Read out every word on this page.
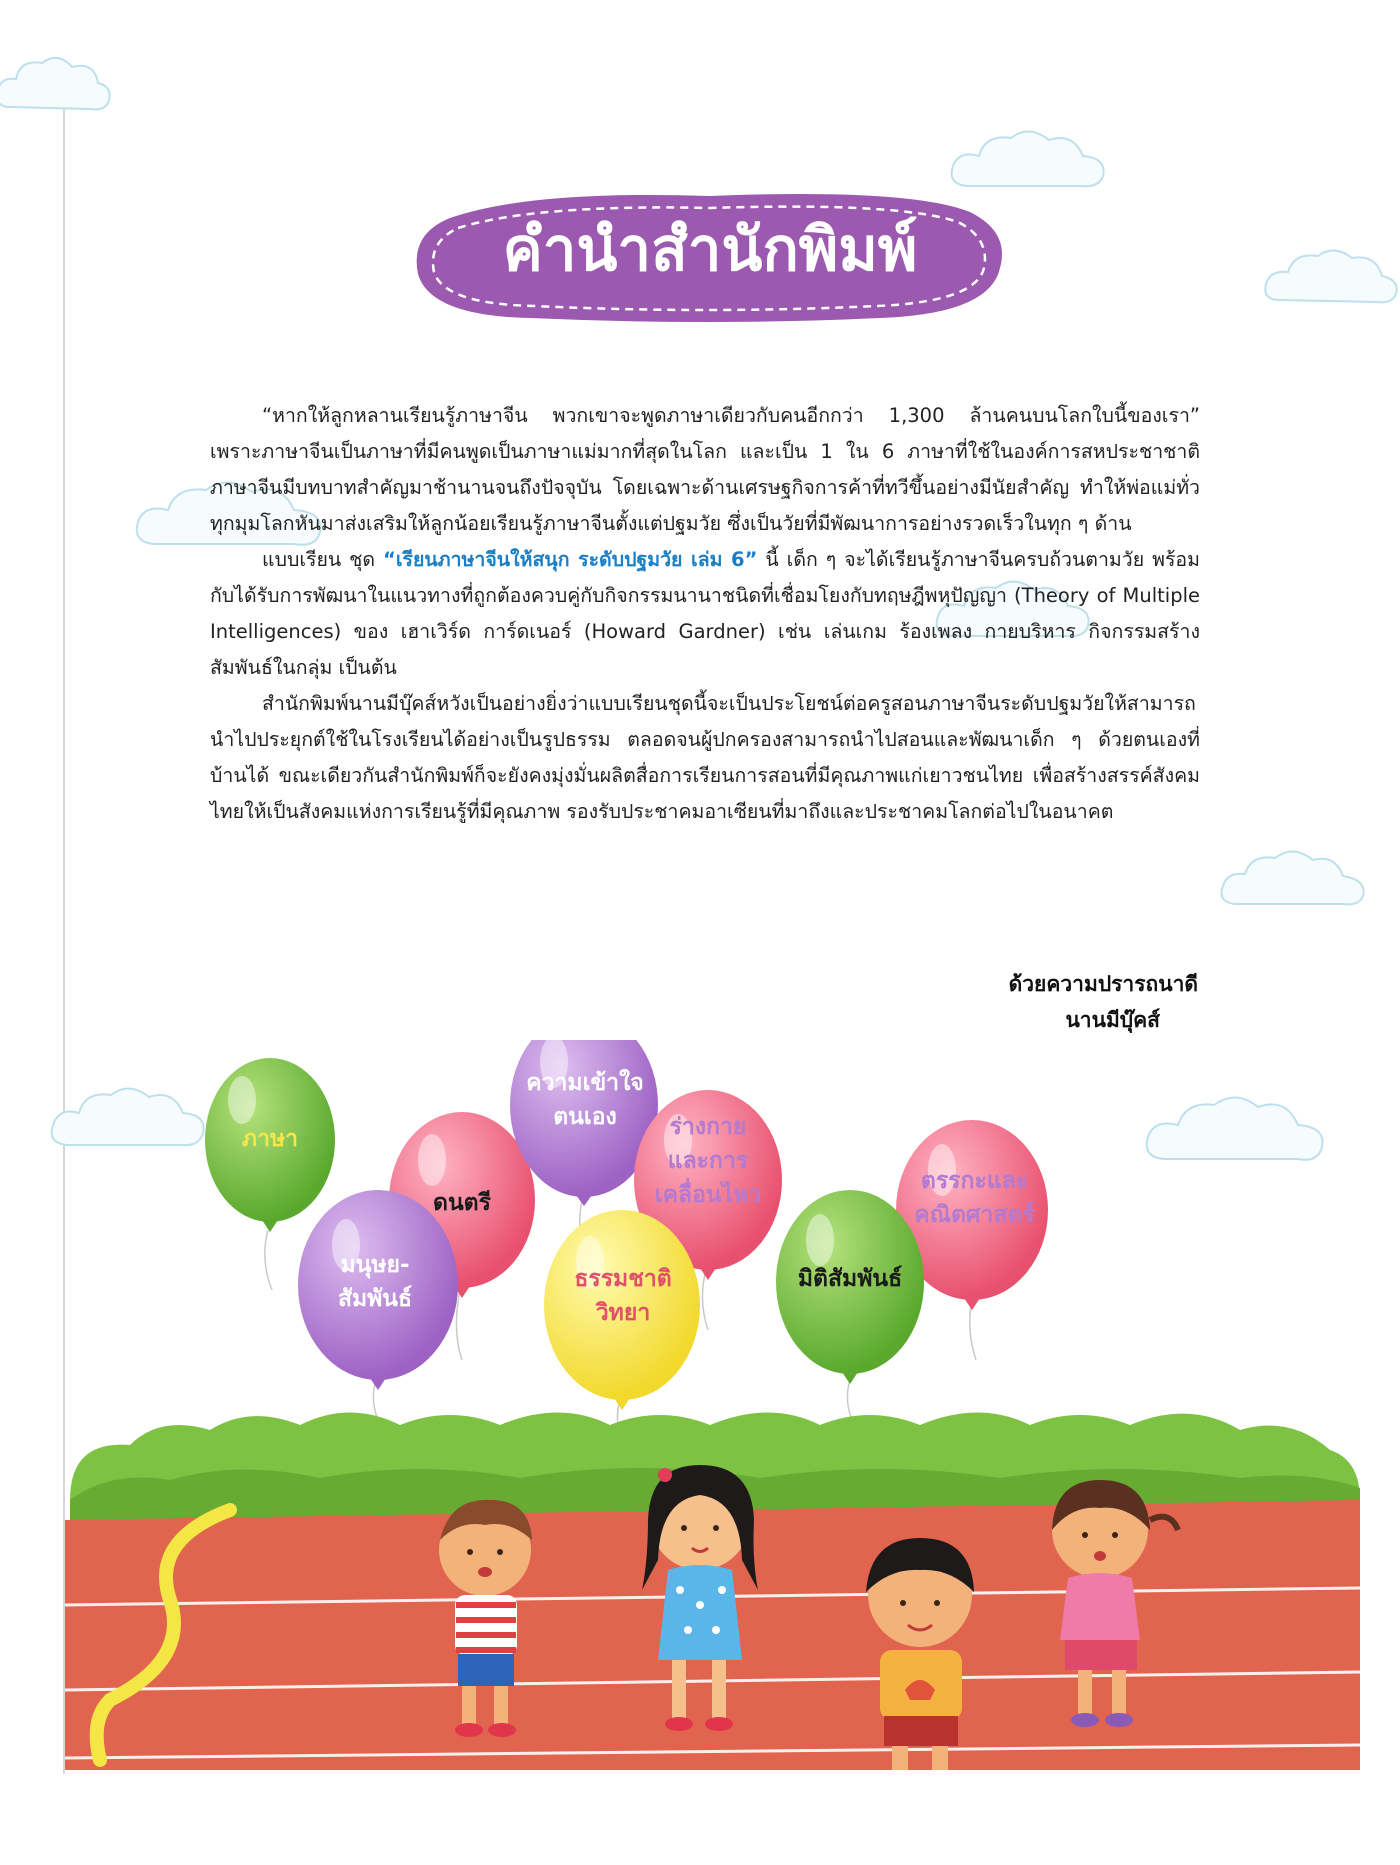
คำนำสำนักพิมพ์

“หากให้ลูกหลานเรียนรู้ภาษาจีน พวกเขาจะพูดภาษาเดียวกับคนอีกกว่า 1,300 ล้านคนบนโลกใบนี้ของเรา” เพราะภาษาจีนเป็นภาษาที่มีคนพูดเป็นภาษาแม่มากที่สุดในโลก และเป็น 1 ใน 6 ภาษาที่ใช้ในองค์การสหประชาชาติ ภาษาจีนมีบทบาทสำคัญมาช้านานจนถึงปัจจุบัน โดยเฉพาะด้านเศรษฐกิจการค้าที่ทวีขึ้นอย่างมีนัยสำคัญ ทำให้พ่อแม่ทั่วทุกมุมโลกหันมาส่งเสริมให้ลูกน้อยเรียนรู้ภาษาจีนตั้งแต่ปฐมวัย ซึ่งเป็นวัยที่มีพัฒนาการอย่างรวดเร็วในทุก ๆ ด้าน

แบบเรียน ชุด “เรียนภาษาจีนให้สนุก ระดับปฐมวัย เล่ม 6” นี้ เด็ก ๆ จะได้เรียนรู้ภาษาจีนครบถ้วนตามวัย พร้อมกับได้รับการพัฒนาในแนวทางที่ถูกต้องควบคู่กับกิจกรรมนานาชนิดที่เชื่อมโยงกับทฤษฎีพหุปัญญา (Theory of Multiple Intelligences) ของ เฮาเวิร์ด การ์ดเนอร์ (Howard Gardner) เช่น เล่นเกม ร้องเพลง กายบริหาร กิจกรรมสร้างสัมพันธ์ในกลุ่ม เป็นต้น

สำนักพิมพ์นานมีบุ๊คส์หวังเป็นอย่างยิ่งว่าแบบเรียนชุดนี้จะเป็นประโยชน์ต่อครูสอนภาษาจีนระดับปฐมวัยให้สามารถนำไปประยุกต์ใช้ในโรงเรียนได้อย่างเป็นรูปธรรม ตลอดจนผู้ปกครองสามารถนำไปสอนและพัฒนาเด็ก ๆ ด้วยตนเองที่บ้านได้ ขณะเดียวกันสำนักพิมพ์ก็จะยังคงมุ่งมั่นผลิตสื่อการเรียนการสอนที่มีคุณภาพแก่เยาวชนไทย เพื่อสร้างสรรค์สังคมไทยให้เป็นสังคมแห่งการเรียนรู้ที่มีคุณภาพ รองรับประชาคมอาเซียนที่มาถึงและประชาคมโลกต่อไปในอนาคต

ด้วยความปรารถนาดี
นานมีบุ๊คส์
ภาษา
ดนตรี
ความเข้าใจ
ตนเอง	ร่างกาย
และการ
เคลื่อนไหว
ตรรกะและ
คณิตศาสตร์
มนุษย-
สัมพันธ์
ธรรมชาติ
วิทยา
มิติสัมพันธ์
